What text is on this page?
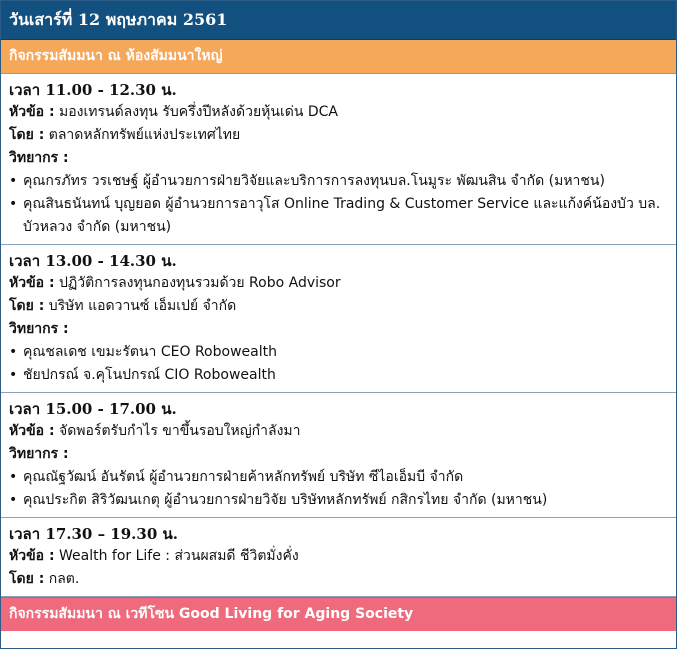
วันเสาร์ที่ 12 พฤษภาคม 2561
กิจกรรมสัมมนา ณ ห้องสัมมนาใหญ่
เวลา 11.00 - 12.30 น.
หัวข้อ : มองเทรนด์ลงทุน รับครึ่งปีหลังด้วยหุ้นเด่น DCA
โดย : ตลาดหลักทรัพย์แห่งประเทศไทย
วิทยากร :
• คุณกรภัทร วรเชษฐ์ ผู้อำนวยการฝ่ายวิจัยและบริการการลงทุนบล.โนมูระ พัฒนสิน จำกัด (มหาชน)
• คุณสินธนันทน์ บุญยอด ผู้อำนวยการอาวุโส Online Trading & Customer Service และแก้งค์น้องบัว บล. บัวหลวง จำกัด (มหาชน)
เวลา 13.00 - 14.30 น.
หัวข้อ : ปฏิวัติการลงทุนกองทุนรวมด้วย Robo Advisor
โดย : บริษัท แอดวานซ์ เอ็มเปย์ จำกัด
วิทยากร :
• คุณชลเดช เขมะรัตนา CEO Robowealth
• ชัยปกรณ์ จ.คุโนปกรณ์ CIO Robowealth
เวลา 15.00 - 17.00 น.
หัวข้อ : จัดพอร์ตรับกำไร ขาขึ้นรอบใหญ่กำลังมา
วิทยากร :
• คุณณัฐวัฒน์ อันรัตน์ ผู้อำนวยการฝ่ายค้าหลักทรัพย์ บริษัท ซีไอเอ็มบี จำกัด
• คุณประกิต สิริวัฒนเกตุ ผู้อำนวยการฝ่ายวิจัย บริษัทหลักทรัพย์ กสิกรไทย จำกัด (มหาชน)
เวลา 17.30 – 19.30 น.
หัวข้อ : Wealth for Life : ส่วนผสมดี ชีวิตมั่งคั่ง
โดย : กลต.
กิจกรรมสัมมนา ณ เวทีโซน Good Living for Aging Society
